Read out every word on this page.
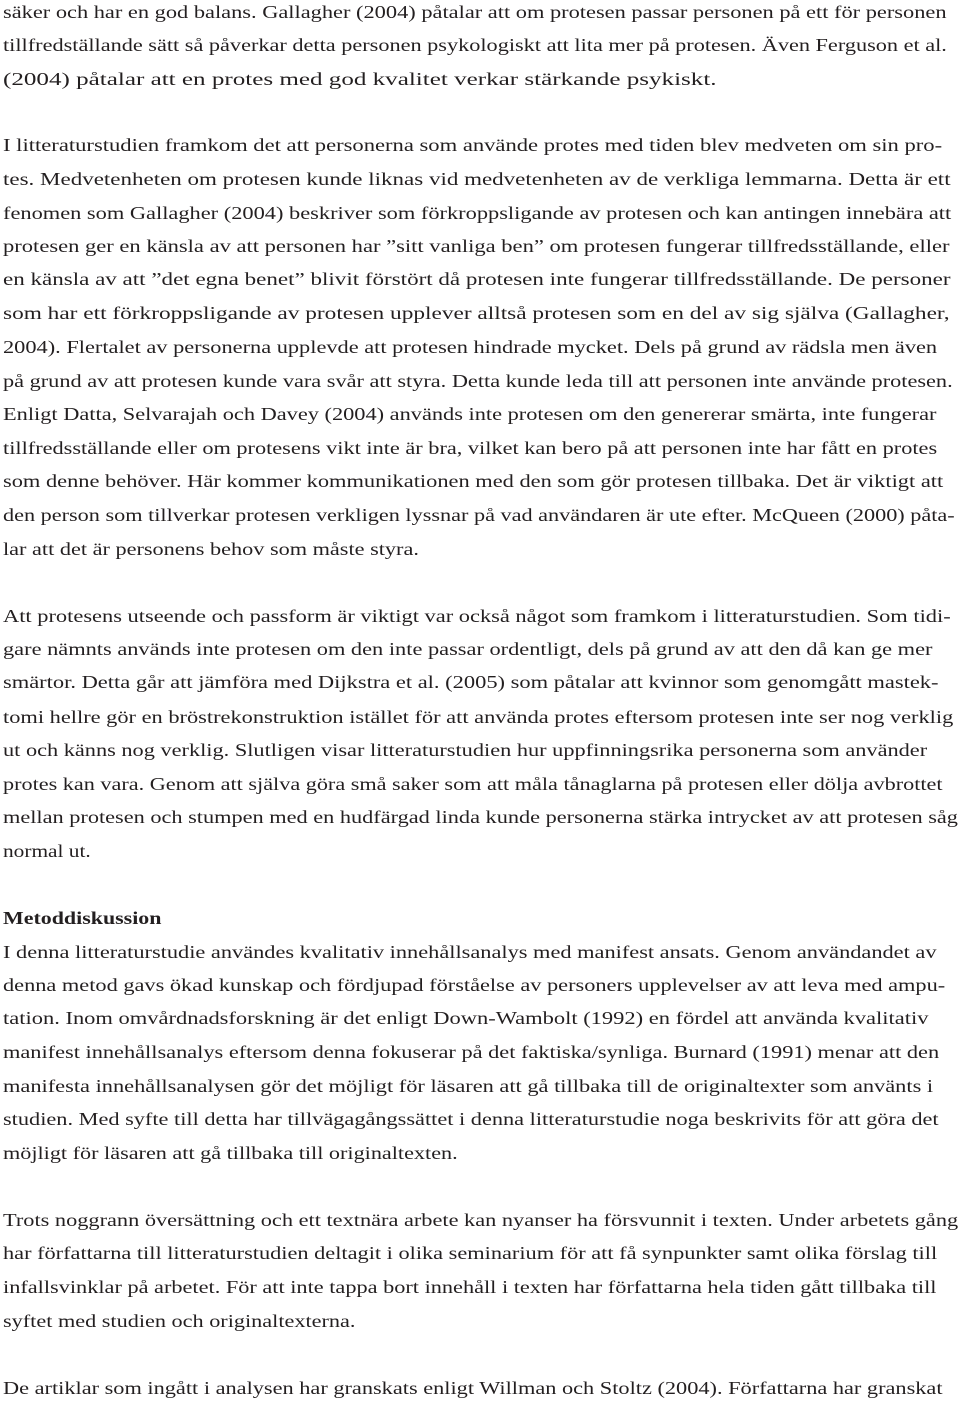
säker och har en god balans. Gallagher (2004) påtalar att om protesen passar personen på ett för personen
tillfredställande sätt så påverkar detta personen psykologiskt att lita mer på protesen. Även Ferguson et al.
(2004) påtalar att en protes med god kvalitet verkar stärkande psykiskt.
I litteraturstudien framkom det att personerna som använde protes med tiden blev medveten om sin pro-
tes. Medvetenheten om protesen kunde liknas vid medvetenheten av de verkliga lemmarna. Detta är ett
fenomen som Gallagher (2004) beskriver som förkroppsligande av protesen och kan antingen innebära att
protesen ger en känsla av att personen har ”sitt vanliga ben” om protesen fungerar tillfredsställande, eller
en känsla av att ”det egna benet” blivit förstört då protesen inte fungerar tillfredsställande. De personer
som har ett förkroppsligande av protesen upplever alltså protesen som en del av sig själva (Gallagher,
2004). Flertalet av personerna upplevde att protesen hindrade mycket. Dels på grund av rädsla men även
på grund av att protesen kunde vara svår att styra. Detta kunde leda till att personen inte använde protesen.
Enligt Datta, Selvarajah och Davey (2004) används inte protesen om den genererar smärta, inte fungerar
tillfredsställande eller om protesens vikt inte är bra, vilket kan bero på att personen inte har fått en protes
som denne behöver. Här kommer kommunikationen med den som gör protesen tillbaka. Det är viktigt att
den person som tillverkar protesen verkligen lyssnar på vad användaren är ute efter. McQueen (2000) påta-
lar att det är personens behov som måste styra.
Att protesens utseende och passform är viktigt var också något som framkom i litteraturstudien. Som tidi-
gare nämnts används inte protesen om den inte passar ordentligt, dels på grund av att den då kan ge mer
smärtor. Detta går att jämföra med Dijkstra et al. (2005) som påtalar att kvinnor som genomgått mastek-
tomi hellre gör en bröstrekonstruktion istället för att använda protes eftersom protesen inte ser nog verklig
ut och känns nog verklig. Slutligen visar litteraturstudien hur uppfinningsrika personerna som använder
protes kan vara. Genom att själva göra små saker som att måla tånaglarna på protesen eller dölja avbrottet
mellan protesen och stumpen med en hudfärgad linda kunde personerna stärka intrycket av att protesen såg
normal ut.
Metoddiskussion
I denna litteraturstudie användes kvalitativ innehållsanalys med manifest ansats. Genom användandet av
denna metod gavs ökad kunskap och fördjupad förståelse av personers upplevelser av att leva med ampu-
tation. Inom omvårdnadsforskning är det enligt Down-Wambolt (1992) en fördel att använda kvalitativ
manifest innehållsanalys eftersom denna fokuserar på det faktiska/synliga. Burnard (1991) menar att den
manifesta innehållsanalysen gör det möjligt för läsaren att gå tillbaka till de originaltexter som använts i
studien. Med syfte till detta har tillvägagångssättet i denna litteraturstudie noga beskrivits för att göra det
möjligt för läsaren att gå tillbaka till originaltexten.
Trots noggrann översättning och ett textnära arbete kan nyanser ha försvunnit i texten. Under arbetets gång
har författarna till litteraturstudien deltagit i olika seminarium för att få synpunkter samt olika förslag till
infallsvinklar på arbetet. För att inte tappa bort innehåll i texten har författarna hela tiden gått tillbaka till
syftet med studien och originaltexterna.
De artiklar som ingått i analysen har granskats enligt Willman och Stoltz (2004). Författarna har granskat
